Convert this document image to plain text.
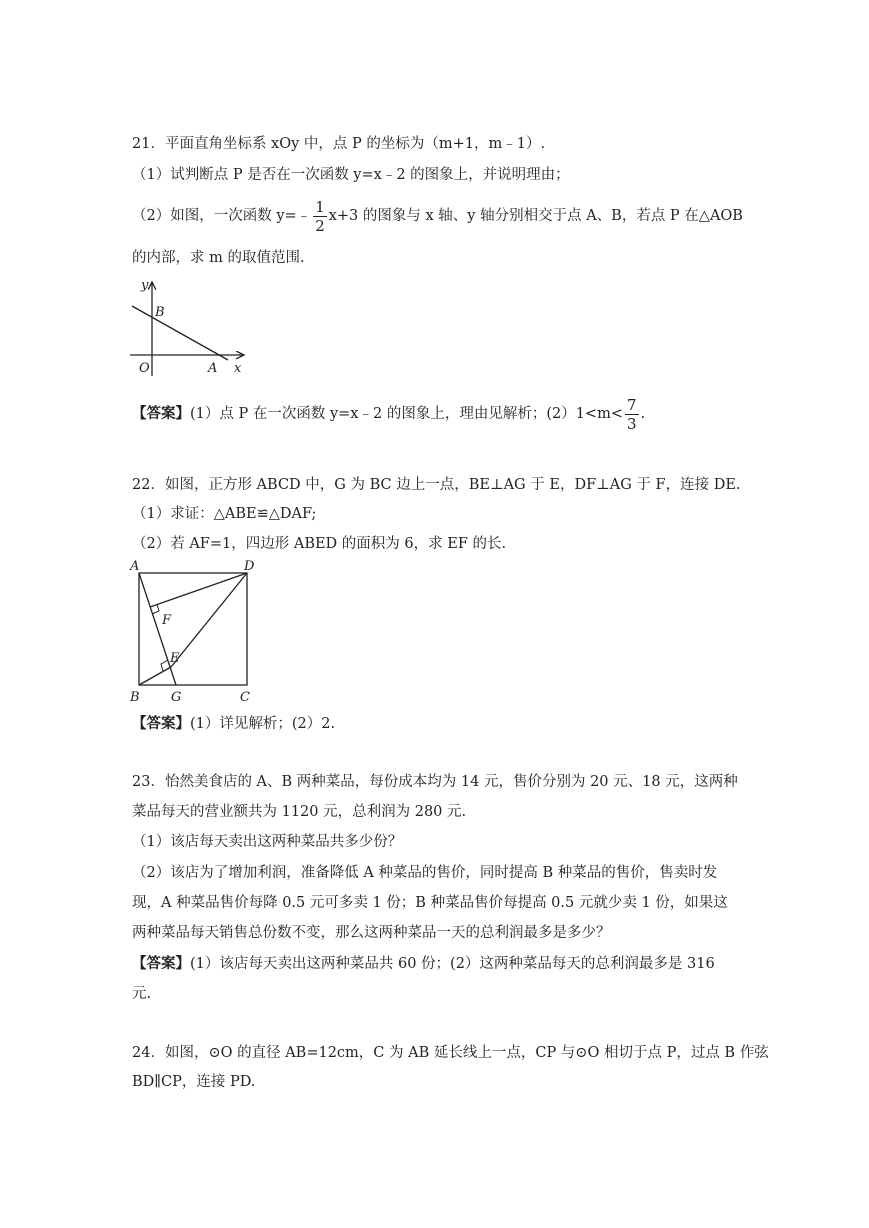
21．平面直角坐标系 xOy 中，点 P 的坐标为（m+1，m﹣1）.
（1）试判断点 P 是否在一次函数 y=x﹣2 的图象上，并说明理由；
（2）如图，一次函数 y=﹣ $\frac{1}{2} x+3$ 的图象与 x 轴、y 轴分别相交于点 A、B，若点 P 在△AOB
的内部，求 m 的取值范围.
y
B
O	A x
【答案】(1）点 P 在一次函数 y=x﹣2 的图象上，理由见解析；$(2)1<m< \frac{7}{3}$ .
22．如图，正方形 ABCD 中，G 为 BC 边上一点，BE⊥AG 于 E，DF⊥AG 于 F，连接 DE.
（1）求证：△ABE≌△DAF;
（2）若 AF=1，四边形 ABED 的面积为 6，求 EF 的长.
A	D
F
E
B G	C
【答案】(1）详见解析；(2）2.
23．怡然美食店的 A、B 两种菜品，每份成本均为 14 元，售价分别为 20 元、18 元，这两种
菜品每天的营业额共为 1120 元，总利润为 280 元.
（1）该店每天卖出这两种菜品共多少份？
（2）该店为了增加利润，准备降低 A 种菜品的售价，同时提高 B 种菜品的售价，售卖时发
现，A 种菜品售价每降 0.5 元可多卖 1 份；B 种菜品售价每提高 0.5 元就少卖 1 份，如果这
两种菜品每天销售总份数不变，那么这两种菜品一天的总利润最多是多少？
【答案】(1）该店每天卖出这两种菜品共 60 份；(2）这两种菜品每天的总利润最多是 316
元.
24．如图，⊙O 的直径 AB=12cm，C 为 AB 延长线上一点，CP 与⊙O 相切于点 P，过点 B 作弦
BD∥CP，连接 PD.
